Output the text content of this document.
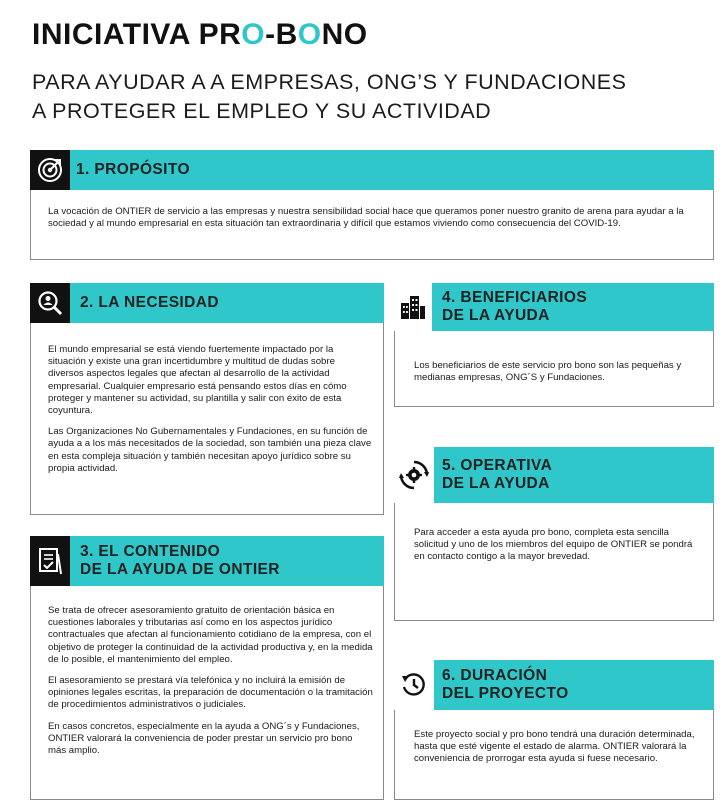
INICIATIVA PRO-BONO
PARA AYUDAR A A EMPRESAS, ONG’S Y FUNDACIONES
A PROTEGER EL EMPLEO Y SU ACTIVIDAD
1. PROPÓSITO
La vocación de ONTIER de servicio a las empresas y nuestra sensibilidad social hace que queramos poner nuestro granito de arena para ayudar a la sociedad y al mundo empresarial en esta situación tan extraordinaria y difícil que estamos viviendo como consecuencia del COVID-19.
2. LA NECESIDAD

El mundo empresarial se está viendo fuertemente impactado por la situación y existe una gran incertidumbre y multitud de dudas sobre diversos aspectos legales que afectan al desarrollo de la actividad empresarial. Cualquier empresario está pensando estos días en cómo proteger y mantener su actividad, su plantilla y salir con éxito de esta coyuntura.

Las Organizaciones No Gubernamentales y Fundaciones, en su función de ayuda a a los más necesitados de la sociedad, son también una pieza clave en esta compleja situación y también necesitan apoyo jurídico sobre su propia actividad.

3. EL CONTENIDO
DE LA AYUDA DE ONTIER

Se trata de ofrecer asesoramiento gratuito de orientación básica en cuestiones laborales y tributarias así como en los aspectos jurídico contractuales que afectan al funcionamiento cotidiano de la empresa, con el objetivo de proteger la continuidad de la actividad productiva y, en la medida de lo posible, el mantenimiento del empleo.

El asesoramiento se prestará vía telefónica y no incluirá la emisión de opiniones legales escritas, la preparación de documentación o la tramitación de procedimientos administrativos o judiciales.

En casos concretos, especialmente en la ayuda a ONG´s y Fundaciones, ONTIER valorará la conveniencia de poder prestar un servicio pro bono más amplio.

4. BENEFICIARIOS
DE LA AYUDA
Los beneficiarios de este servicio pro bono son las pequeñas y medianas empresas, ONG´S y Fundaciones.
5. OPERATIVA
DE LA AYUDA
Para acceder a esta ayuda pro bono, completa esta sencilla solicitud y uno de los miembros del equipo de ONTIER se pondrá en contacto contigo a la mayor brevedad.
6. DURACIÓN
DEL PROYECTO
Este proyecto social y pro bono tendrá una duración determinada, hasta que esté vigente el estado de alarma. ONTIER valorará la conveniencia de prorrogar esta ayuda si fuese necesario.
